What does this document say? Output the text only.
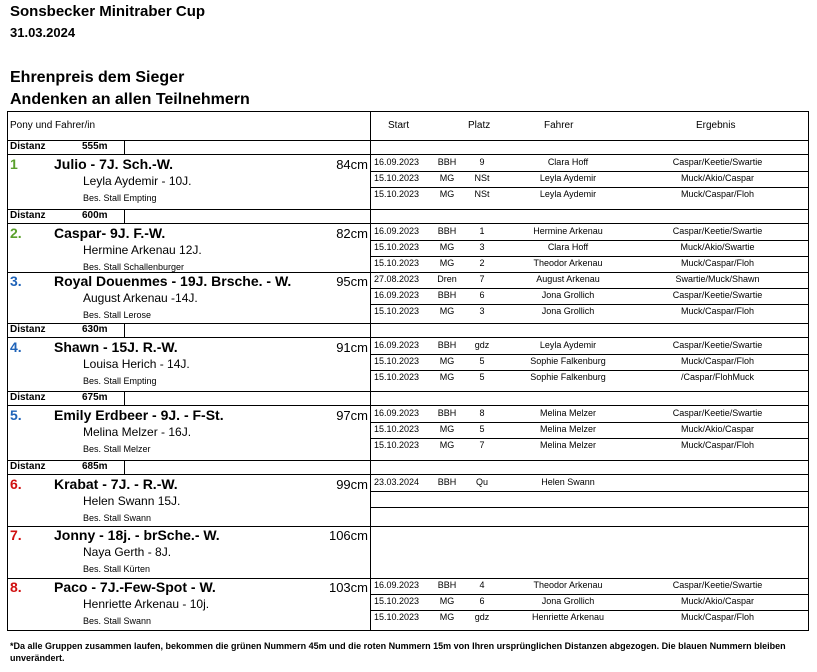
Sonsbecker Minitraber Cup
31.03.2024
Ehrenpreis dem Sieger
Andenken an allen Teilnehmern
Pony und Fahrer/in	Start	Platz	Fahrer	Ergebnis
Distanz	555m
1	Julio - 7J. Sch.-W.	84cm
Leyla Aydemir - 10J.
Bes. Stall Empting
16.09.2023	BBH	9	Clara Hoff	Caspar/Keetie/Swartie
15.10.2023	MG	NSt	Leyla Aydemir	Muck/Akio/Caspar
15.10.2023	MG	NSt	Leyla Aydemir	Muck/Caspar/Floh
Distanz	600m
2. Caspar- 9J. F.-W.	82cm
Hermine Arkenau 12J.
Bes. Stall Schallenburger
16.09.2023	BBH	1	Hermine Arkenau	Caspar/Keetie/Swartie
15.10.2023	MG	3	Clara Hoff	Muck/Akio/Swartie
15.10.2023	MG	2	Theodor Arkenau	Muck/Caspar/Floh
3. Royal Douenmes - 19J. Brsche. - W.	95cm
August Arkenau -14J.
Bes. Stall Lerose
27.08.2023 Dren	7	August Arkenau	Swartie/Muck/Shawn
16.09.2023	BBH	6	Jona Grollich	Caspar/Keetie/Swartie
15.10.2023	MG	3	Jona Grollich	Muck/Caspar/Floh
Distanz	630m
4. Shawn - 15J. R.-W.	91cm
Louisa Herich - 14J.
Bes. Stall Empting
16.09.2023	BBH	gdz	Leyla Aydemir	Caspar/Keetie/Swartie
15.10.2023	MG	5	Sophie Falkenburg	Muck/Caspar/Floh
15.10.2023	MG	5	Sophie Falkenburg	/Caspar/FlohMuck
Distanz	675m
5. Emily Erdbeer - 9J. - F-St.	97cm
Melina Melzer - 16J.
Bes. Stall Melzer
16.09.2023	BBH	8	Melina Melzer	Caspar/Keetie/Swartie
15.10.2023	MG	5	Melina Melzer	Muck/Akio/Caspar
15.10.2023	MG	7	Melina Melzer	Muck/Caspar/Floh
Distanz	685m
6. Krabat - 7J. - R.-W.	99cm
Helen Swann 15J.
Bes. Stall Swann
23.03.2024	BBH	Qu	Helen Swann
7. Jonny - 18j. - brSche.- W.	106cm
Naya Gerth - 8J.
Bes. Stall Kürten
8. Paco - 7J.-Few-Spot - W.	103cm
Henriette Arkenau - 10j.
Bes. Stall Swann
16.09.2023	BBH	4	Theodor Arkenau	Caspar/Keetie/Swartie
15.10.2023	MG	6	Jona Grollich	Muck/Akio/Caspar
15.10.2023	MG	gdz	Henriette Arkenau	Muck/Caspar/Floh
*Da alle Gruppen zusammen laufen, bekommen die grünen Nummern 45m und die roten Nummern 15m von Ihren ursprünglichen Distanzen abgezogen. Die blauen Nummern bleiben unverändert.
